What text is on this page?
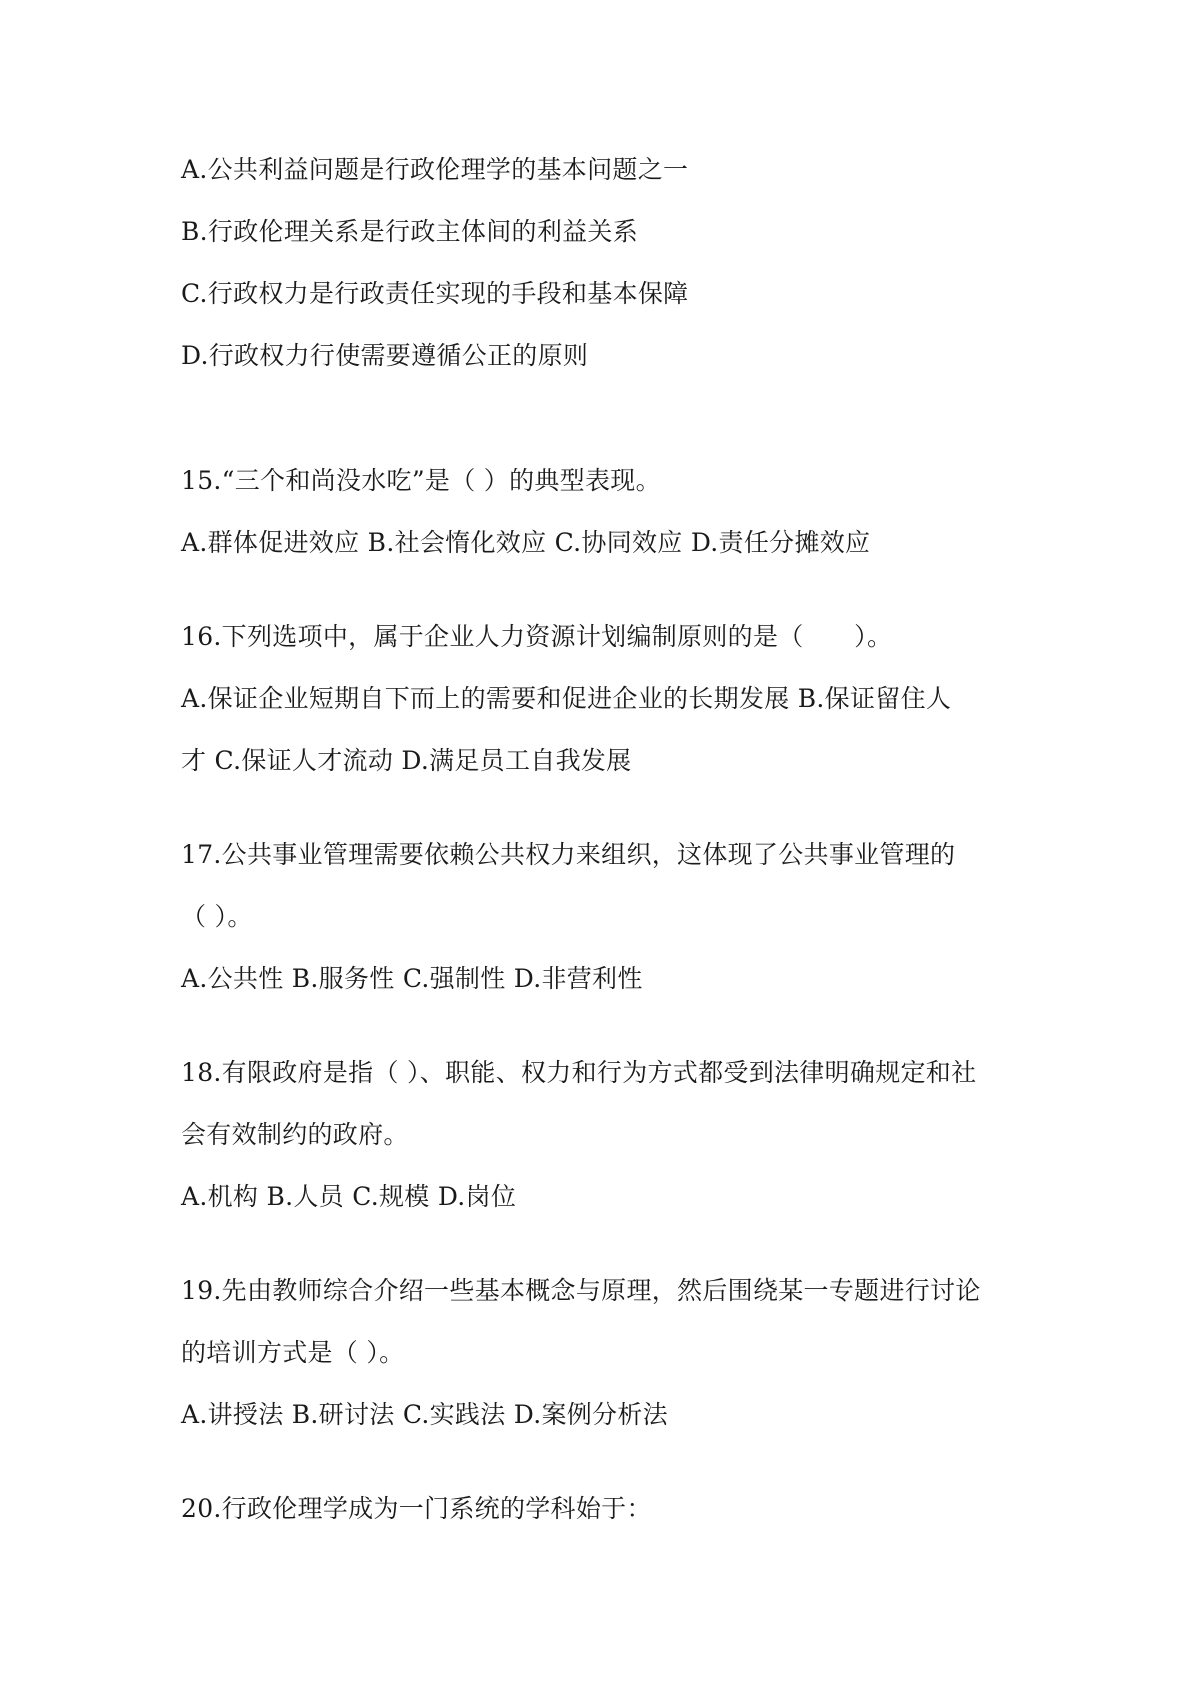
A.公共利益问题是行政伦理学的基本问题之一
B.行政伦理关系是行政主体间的利益关系
C.行政权力是行政责任实现的手段和基本保障
D.行政权力行使需要遵循公正的原则
15.“三个和尚没水吃”是（ ）的典型表现。
A.群体促进效应 B.社会惰化效应 C.协同效应 D.责任分摊效应
16.下列选项中，属于企业人力资源计划编制原则的是（　　）。
A.保证企业短期自下而上的需要和促进企业的长期发展 B.保证留住人
才 C.保证人才流动 D.满足员工自我发展
17.公共事业管理需要依赖公共权力来组织，这体现了公共事业管理的
（ ）。
A.公共性 B.服务性 C.强制性 D.非营利性
18.有限政府是指（ ）、职能、权力和行为方式都受到法律明确规定和社
会有效制约的政府。
A.机构 B.人员 C.规模 D.岗位
19.先由教师综合介绍一些基本概念与原理，然后围绕某一专题进行讨论
的培训方式是（ ）。
A.讲授法 B.研讨法 C.实践法 D.案例分析法
20.行政伦理学成为一门系统的学科始于：
